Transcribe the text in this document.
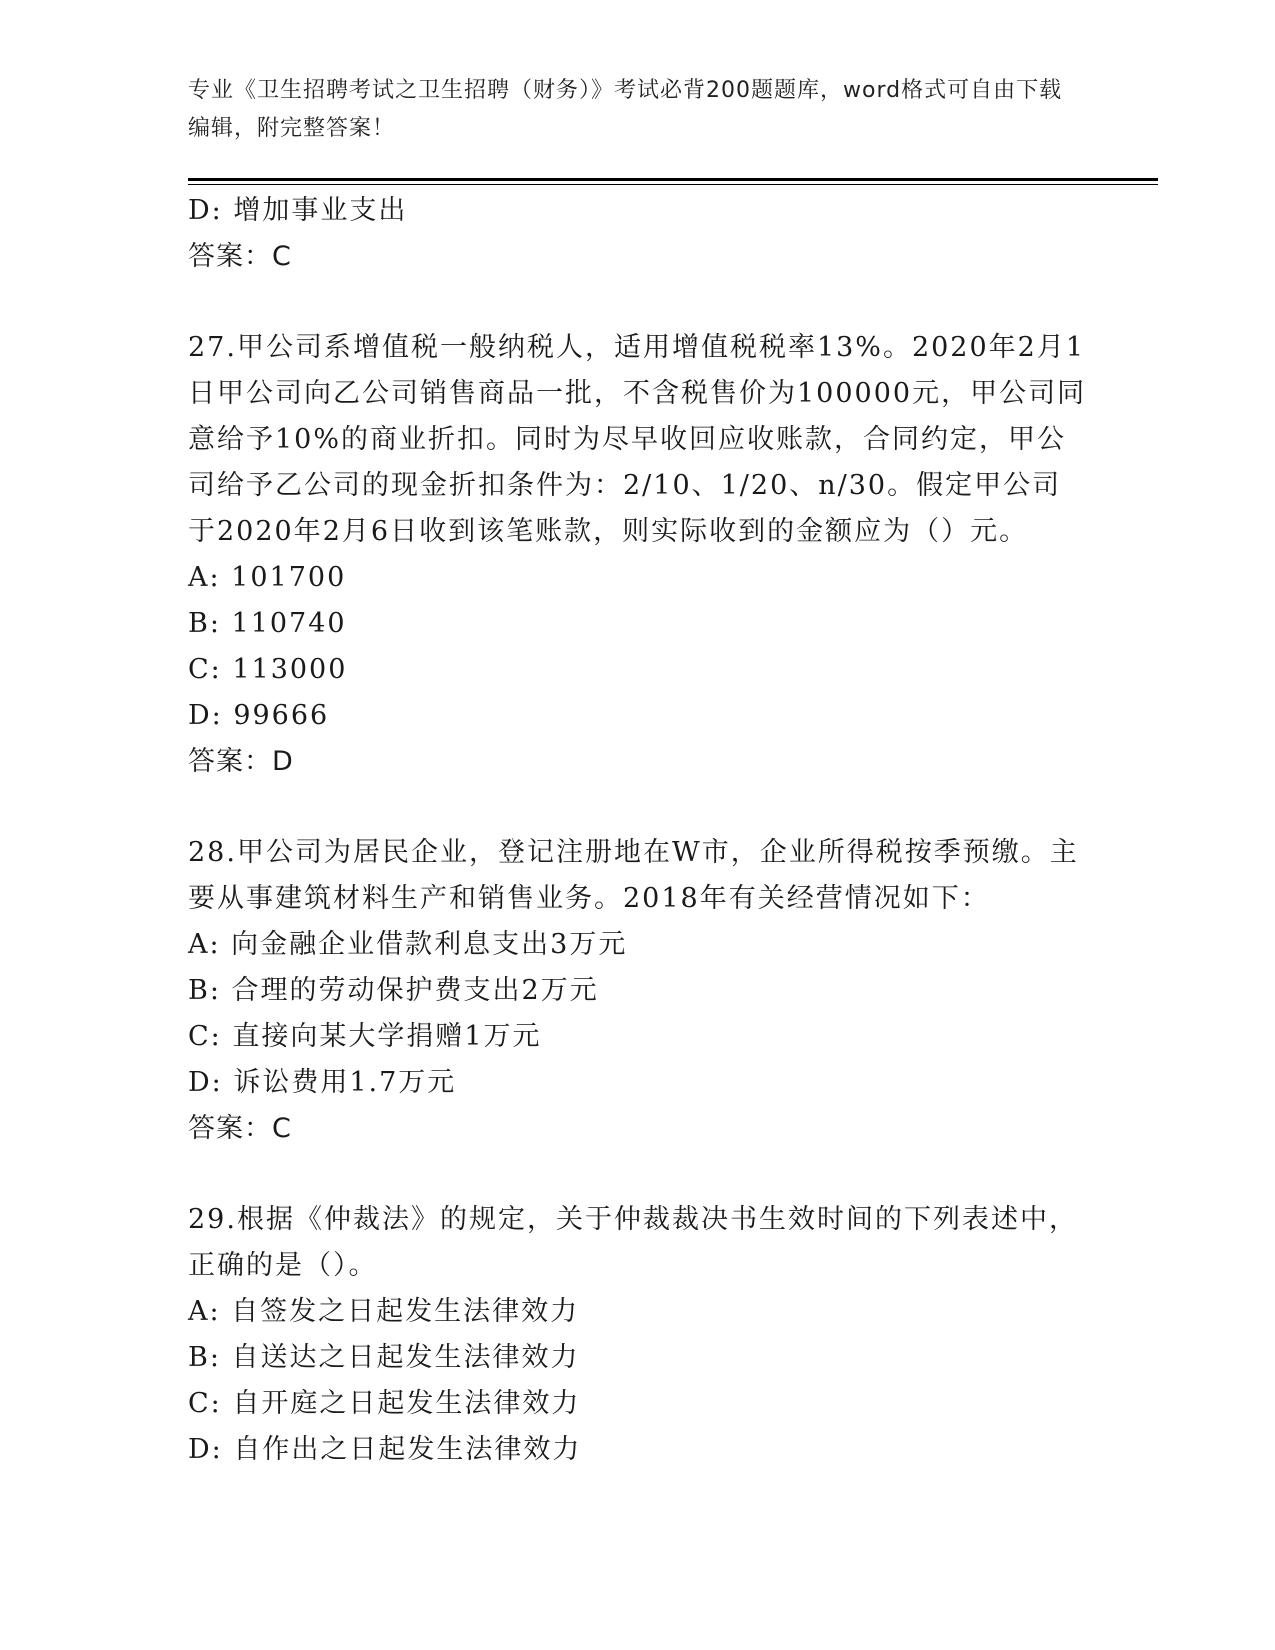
专业《卫生招聘考试之卫生招聘（财务）》考试必背200题题库，word格式可自由下载编辑，附完整答案！
D: 增加事业支出
答案：C
27.甲公司系增值税一般纳税人，适用增值税税率13%。2020年2月1日甲公司向乙公司销售商品一批，不含税售价为100000元，甲公司同意给予10%的商业折扣。同时为尽早收回应收账款，合同约定，甲公司给予乙公司的现金折扣条件为：2/10、1/20、n/30。假定甲公司于2020年2月6日收到该笔账款，则实际收到的金额应为（）元。
A: 101700
B: 110740
C: 113000
D: 99666
答案：D
28.甲公司为居民企业，登记注册地在W市，企业所得税按季预缴。主要从事建筑材料生产和销售业务。2018年有关经营情况如下：
A: 向金融企业借款利息支出3万元
B: 合理的劳动保护费支出2万元
C: 直接向某大学捐赠1万元
D: 诉讼费用1.7万元
答案：C
29.根据《仲裁法》的规定，关于仲裁裁决书生效时间的下列表述中，正确的是（）。
A: 自签发之日起发生法律效力
B: 自送达之日起发生法律效力
C: 自开庭之日起发生法律效力
D: 自作出之日起发生法律效力
